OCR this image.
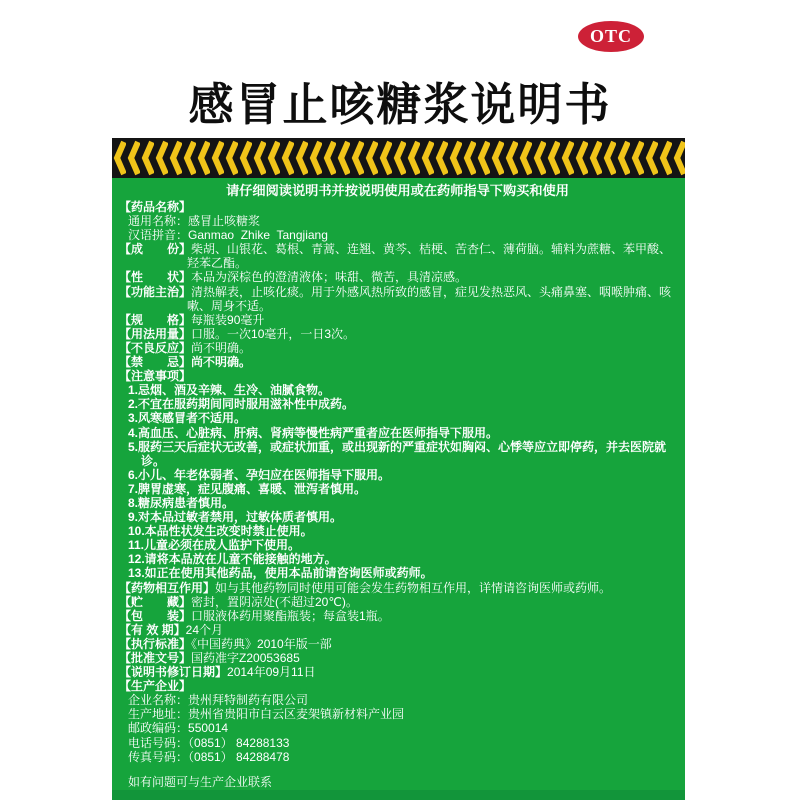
OTC
感冒止咳糖浆说明书
请仔细阅读说明书并按说明使用或在药师指导下购买和使用
【药品名称】
通用名称：感冒止咳糖浆
汉语拼音：Ganmao  Zhike  Tangjiang
【成　　份】柴胡、山银花、葛根、青蒿、连翘、黄芩、桔梗、苦杏仁、薄荷脑。辅料为蔗糖、苯甲酸、羟苯乙酯。
【性　　状】本品为深棕色的澄清液体；味甜、微苦，具清凉感。
【功能主治】清热解表，止咳化痰。用于外感风热所致的感冒，症见发热恶风、头痛鼻塞、咽喉肿痛、咳嗽、周身不适。
【规　　格】每瓶装90毫升
【用法用量】口服。一次10毫升，一日3次。
【不良反应】尚不明确。
【禁　　忌】尚不明确。
【注意事项】
1.忌烟、酒及辛辣、生冷、油腻食物。
2.不宜在服药期间同时服用滋补性中成药。
3.风寒感冒者不适用。
4.高血压、心脏病、肝病、肾病等慢性病严重者应在医师指导下服用。
5.服药三天后症状无改善，或症状加重，或出现新的严重症状如胸闷、心悸等应立即停药，并去医院就诊。
6.小儿、年老体弱者、孕妇应在医师指导下服用。
7.脾胃虚寒，症见腹痛、喜暖、泄泻者慎用。
8.糖尿病患者慎用。
9.对本品过敏者禁用，过敏体质者慎用。
10.本品性状发生改变时禁止使用。
11.儿童必须在成人监护下使用。
12.请将本品放在儿童不能接触的地方。
13.如正在使用其他药品，使用本品前请咨询医师或药师。
【药物相互作用】如与其他药物同时使用可能会发生药物相互作用，详情请咨询医师或药师。
【贮　　藏】密封，置阴凉处(不超过20℃)。
【包　　装】口服液体药用聚酯瓶装；每盒装1瓶。
【有 效 期】24个月
【执行标准】《中国药典》2010年版一部
【批准文号】国药准字Z20053685
【说明书修订日期】2014年09月11日
【生产企业】
企业名称：贵州拜特制药有限公司
生产地址：贵州省贵阳市白云区麦架镇新材料产业园
邮政编码：550014
电话号码：（0851） 84288133
传真号码：（0851） 84288478
如有问题可与生产企业联系
